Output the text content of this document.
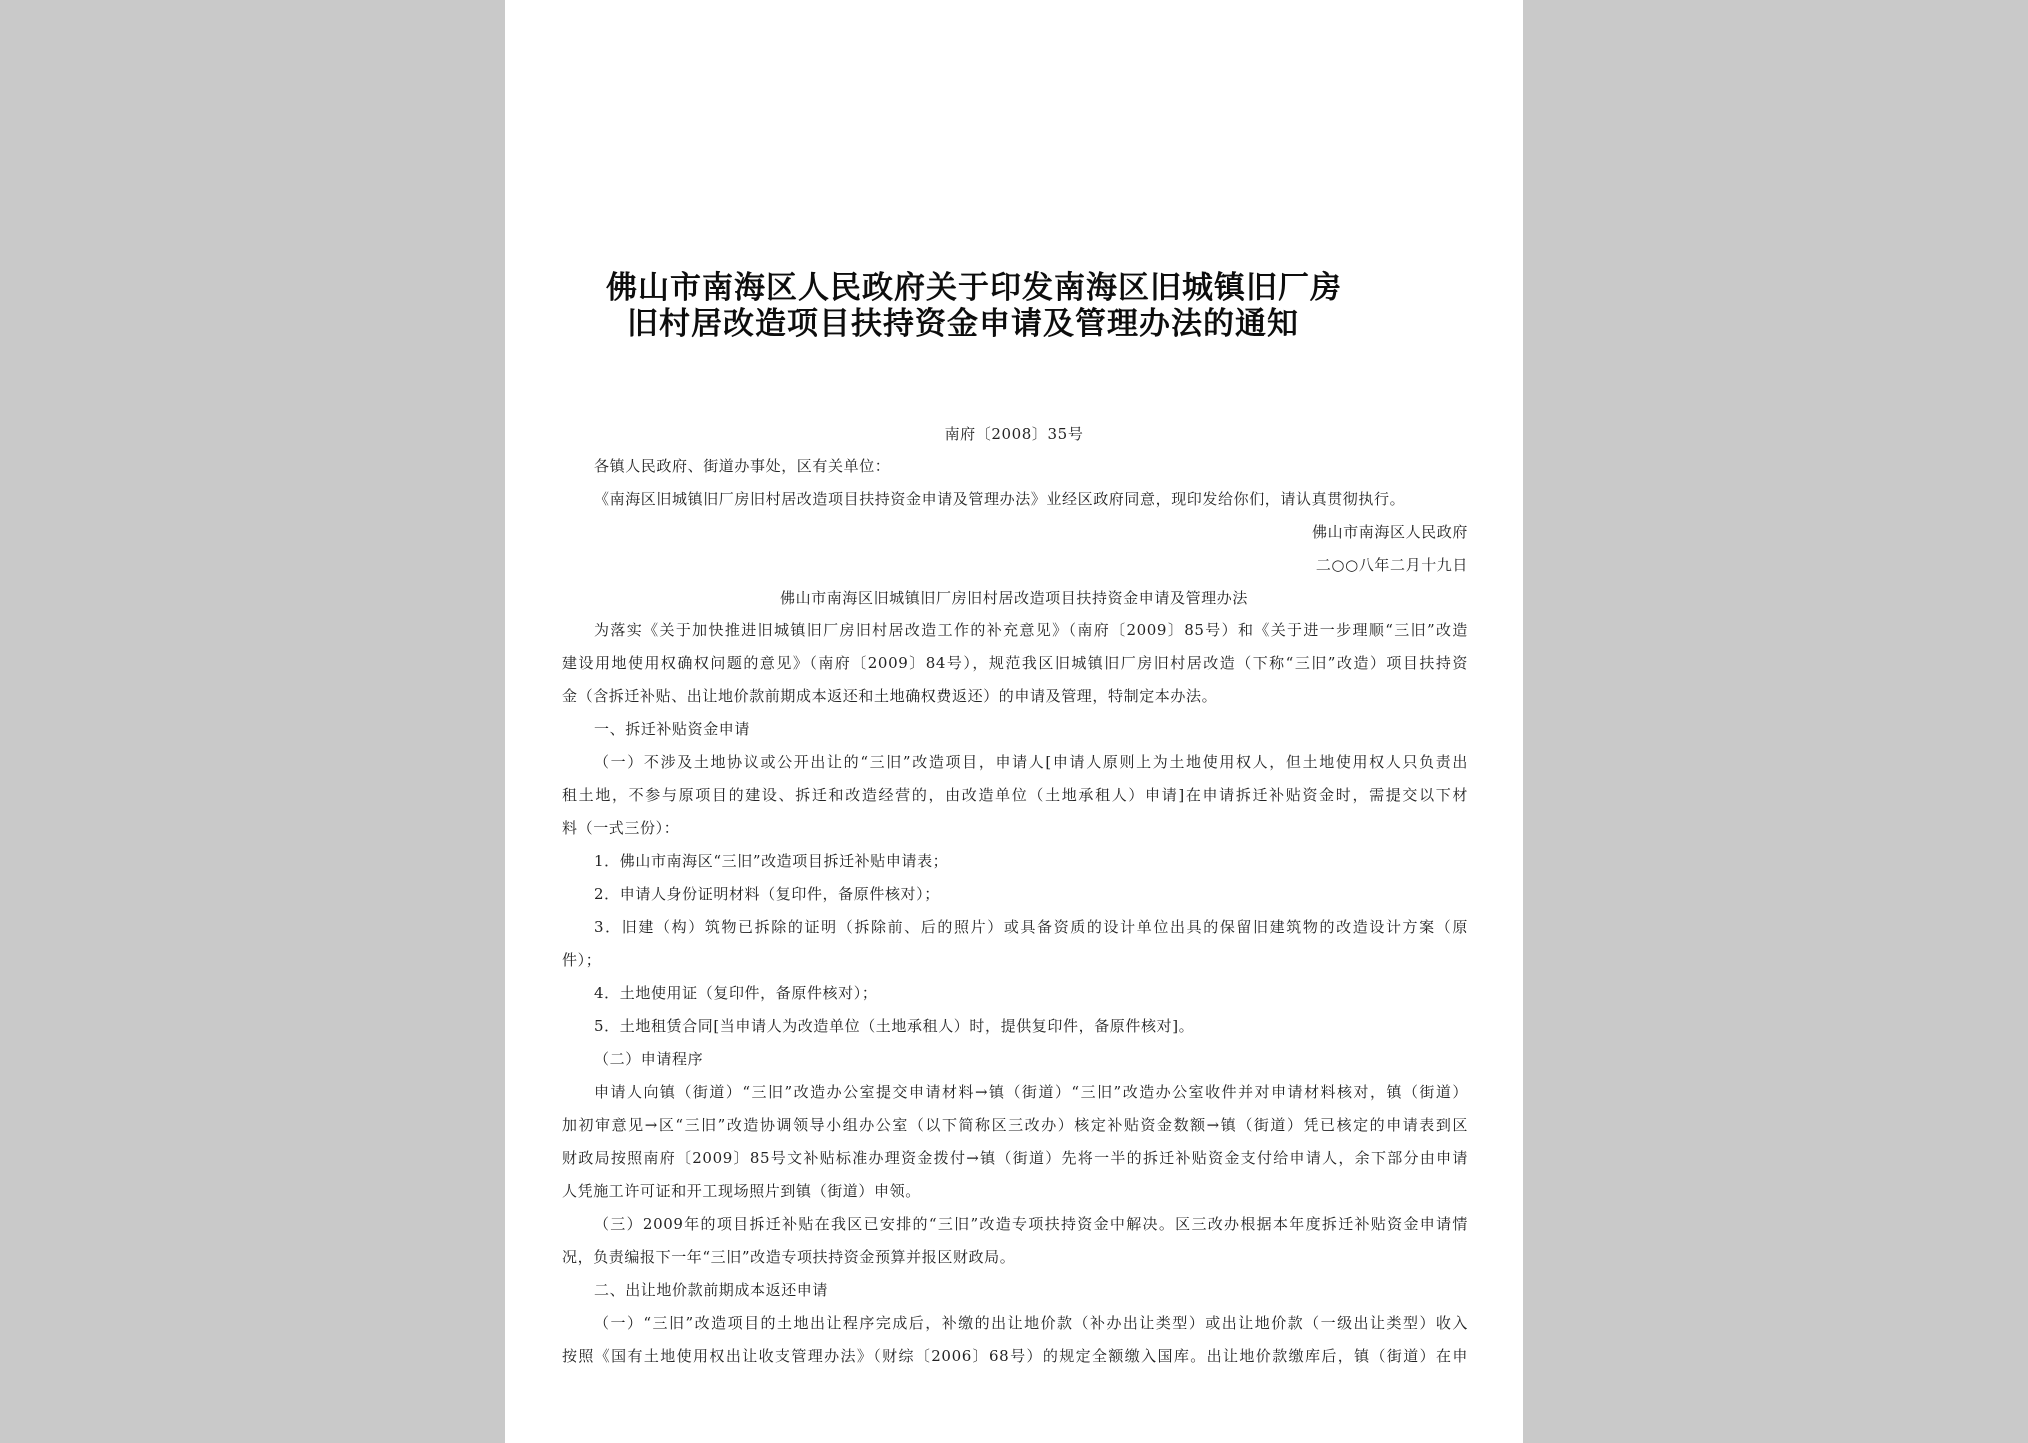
佛山市南海区人民政府关于印发南海区旧城镇旧厂房
旧村居改造项目扶持资金申请及管理办法的通知
南府〔2008〕35号
各镇人民政府、街道办事处，区有关单位：
《南海区旧城镇旧厂房旧村居改造项目扶持资金申请及管理办法》业经区政府同意，现印发给你们，请认真贯彻执行。
佛山市南海区人民政府
二○○八年二月十九日
佛山市南海区旧城镇旧厂房旧村居改造项目扶持资金申请及管理办法
为落实《关于加快推进旧城镇旧厂房旧村居改造工作的补充意见》（南府〔2009〕85号）和《关于进一步理顺“三旧”改造
建设用地使用权确权问题的意见》（南府〔2009〕84号），规范我区旧城镇旧厂房旧村居改造（下称“三旧”改造）项目扶持资
金（含拆迁补贴、出让地价款前期成本返还和土地确权费返还）的申请及管理，特制定本办法。
一、拆迁补贴资金申请
（一）不涉及土地协议或公开出让的“三旧”改造项目，申请人[申请人原则上为土地使用权人，但土地使用权人只负责出
租土地，不参与原项目的建设、拆迁和改造经营的，由改造单位（土地承租人）申请]在申请拆迁补贴资金时，需提交以下材
料（一式三份）：
1．佛山市南海区“三旧”改造项目拆迁补贴申请表；
2．申请人身份证明材料（复印件，备原件核对）；
3．旧建（构）筑物已拆除的证明（拆除前、后的照片）或具备资质的设计单位出具的保留旧建筑物的改造设计方案（原
件）；
4．土地使用证（复印件，备原件核对）；
5．土地租赁合同[当申请人为改造单位（土地承租人）时，提供复印件，备原件核对]。
（二）申请程序
申请人向镇（街道）“三旧”改造办公室提交申请材料→镇（街道）“三旧”改造办公室收件并对申请材料核对，镇（街道）
加初审意见→区“三旧”改造协调领导小组办公室（以下简称区三改办）核定补贴资金数额→镇（街道）凭已核定的申请表到区
财政局按照南府〔2009〕85号文补贴标准办理资金拨付→镇（街道）先将一半的拆迁补贴资金支付给申请人，余下部分由申请
人凭施工许可证和开工现场照片到镇（街道）申领。
（三）2009年的项目拆迁补贴在我区已安排的“三旧”改造专项扶持资金中解决。区三改办根据本年度拆迁补贴资金申请情
况，负责编报下一年“三旧”改造专项扶持资金预算并报区财政局。
二、出让地价款前期成本返还申请
（一）“三旧”改造项目的土地出让程序完成后，补缴的出让地价款（补办出让类型）或出让地价款（一级出让类型）收入
按照《国有土地使用权出让收支管理办法》（财综〔2006〕68号）的规定全额缴入国库。出让地价款缴库后，镇（街道）在申
